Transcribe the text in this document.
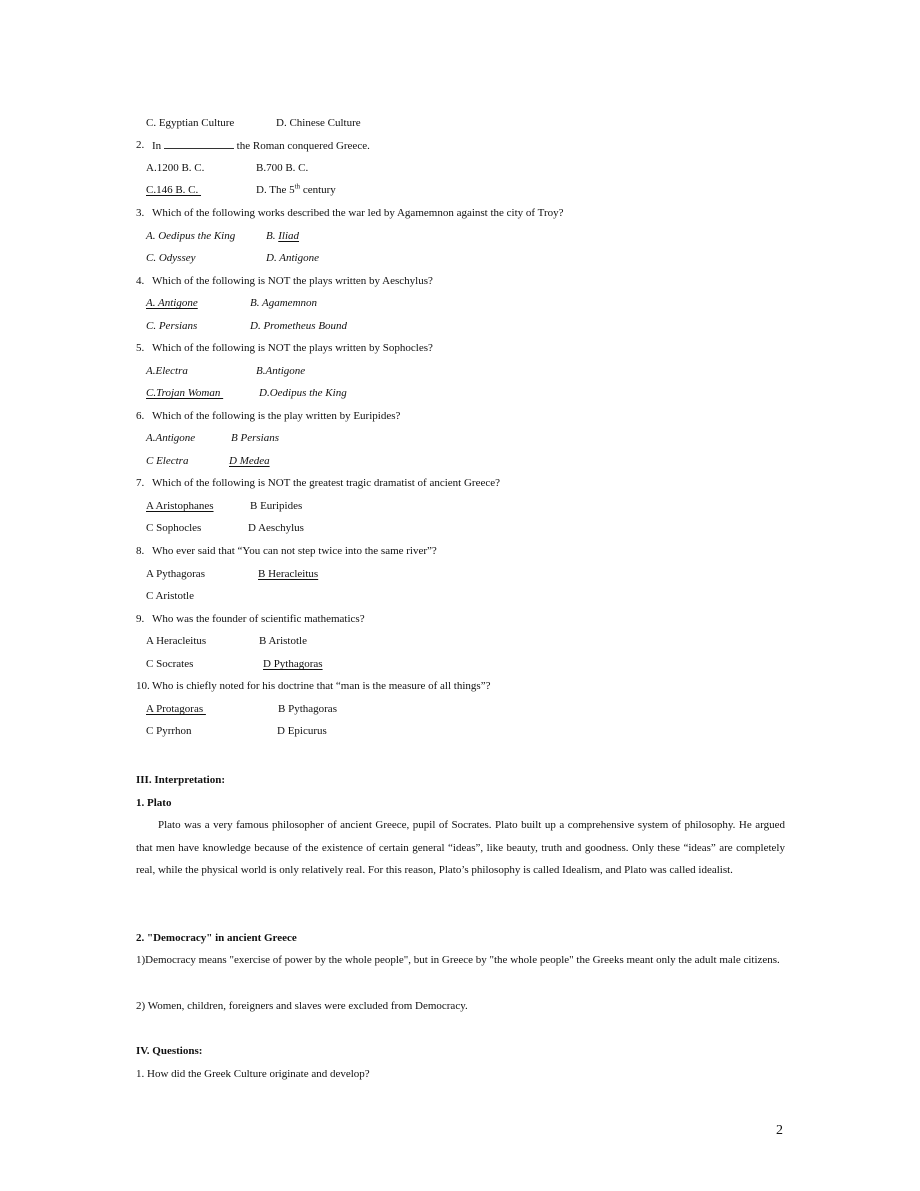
C. Egyptian Culture	D. Chinese Culture
2. In	the Roman conquered Greece.
A.1200 B. C.	B.700 B. C.
C.146 B. C.	D. The 5th century
3. Which of the following works described the war led by Agamemnon against the city of Troy?
A. Oedipus the King	B. Iliad
C. Odyssey	D. Antigone
4. Which of the following is NOT the plays written by Aeschylus?
A. Antigone	B. Agamemnon
C. Persians	D. Prometheus Bound
5. Which of the following is NOT the plays written by Sophocles?
A.Electra	B.Antigone
C.Trojan Woman	D.Oedipus the King
6. Which of the following is the play written by Euripides?
A.Antigone	B Persians
C Electra	D Medea
7. Which of the following is NOT the greatest tragic dramatist of ancient Greece?
A Aristophanes	B Euripides
C Sophocles	D Aeschylus
8. Who ever said that “You can not step twice into the same river”?
A Pythagoras	B Heracleitus
C Aristotle
9. Who was the founder of scientific mathematics?
A Heracleitus	B Aristotle
C Socrates	D Pythagoras
10. Who is chiefly noted for his doctrine that “man is the measure of all things”?
A Protagoras	B Pythagoras
C Pyrrhon	D Epicurus
III. Interpretation:
1. Plato
Plato was a very famous philosopher of ancient Greece, pupil of Socrates. Plato built up a comprehensive system of philosophy. He argued that men have knowledge because of the existence of certain general “ideas”, like beauty, truth and goodness. Only these “ideas” are completely real, while the physical world is only relatively real. For this reason, Plato’s philosophy is called Idealism, and Plato was called idealist.
2. "Democracy" in ancient Greece
1)Democracy means "exercise of power by the whole people", but in Greece by "the whole people" the Greeks meant only the adult male citizens.
2) Women, children, foreigners and slaves were excluded from Democracy.
IV. Questions:
1. How did the Greek Culture originate and develop?
2
